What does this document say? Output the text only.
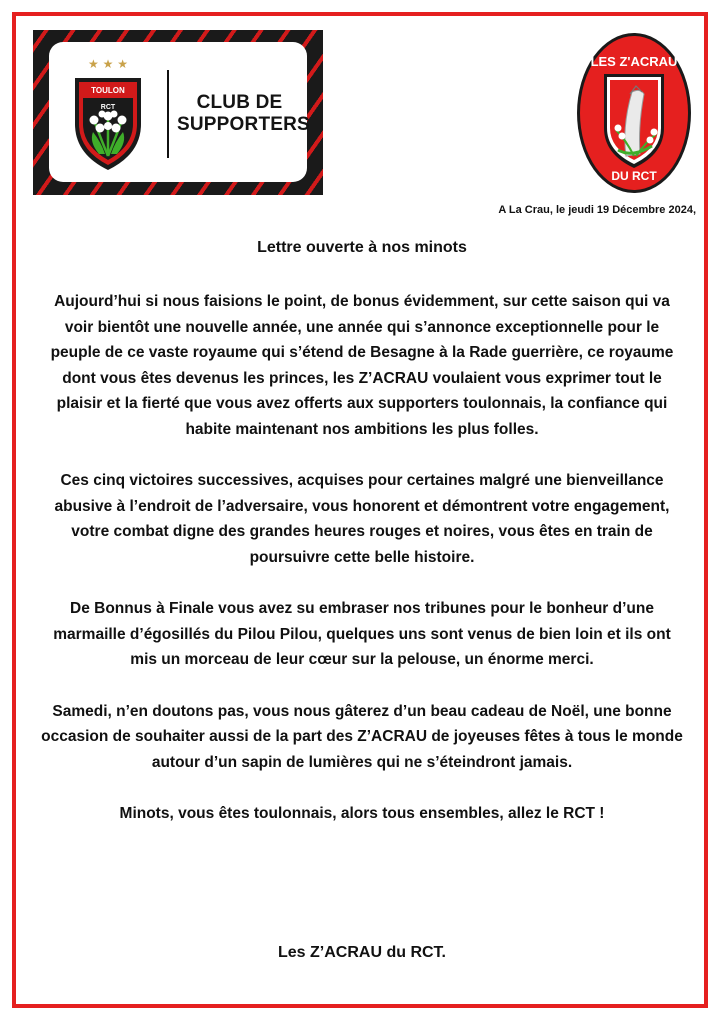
★ ★ ★
TOULON
RCT	CLUB DE
SUPPORTERS
LES Z'ACRAU
DU RCT
A La Crau, le jeudi 19 Décembre 2024,
Lettre ouverte à nos minots

Aujourd’hui si nous faisions le point, de bonus évidemment, sur cette saison qui va voir bientôt une nouvelle année, une année qui s’annonce exceptionnelle pour le peuple de ce vaste royaume qui s’étend de Besagne à la Rade guerrière, ce royaume dont vous êtes devenus les princes, les Z’ACRAU voulaient vous exprimer tout le plaisir et la fierté que vous avez offerts aux supporters toulonnais, la confiance qui habite maintenant nos ambitions les plus folles.

Ces cinq victoires successives, acquises pour certaines malgré une bienveillance abusive à l’endroit de l’adversaire, vous honorent et démontrent votre engagement, votre combat digne des grandes heures rouges et noires, vous êtes en train de poursuivre cette belle histoire.

De Bonnus à Finale vous avez su embraser nos tribunes pour le bonheur d’une marmaille d’égosillés du Pilou Pilou, quelques uns sont venus de bien loin et ils ont mis un morceau de leur cœur sur la pelouse, un énorme merci.

Samedi, n’en doutons pas, vous nous gâterez d’un beau cadeau de Noël, une bonne occasion de souhaiter aussi de la part des Z’ACRAU de joyeuses fêtes à tous le monde autour d’un sapin de lumières qui ne s’éteindront jamais.

Minots, vous êtes toulonnais, alors tous ensembles, allez le RCT !

Les Z’ACRAU du RCT.
